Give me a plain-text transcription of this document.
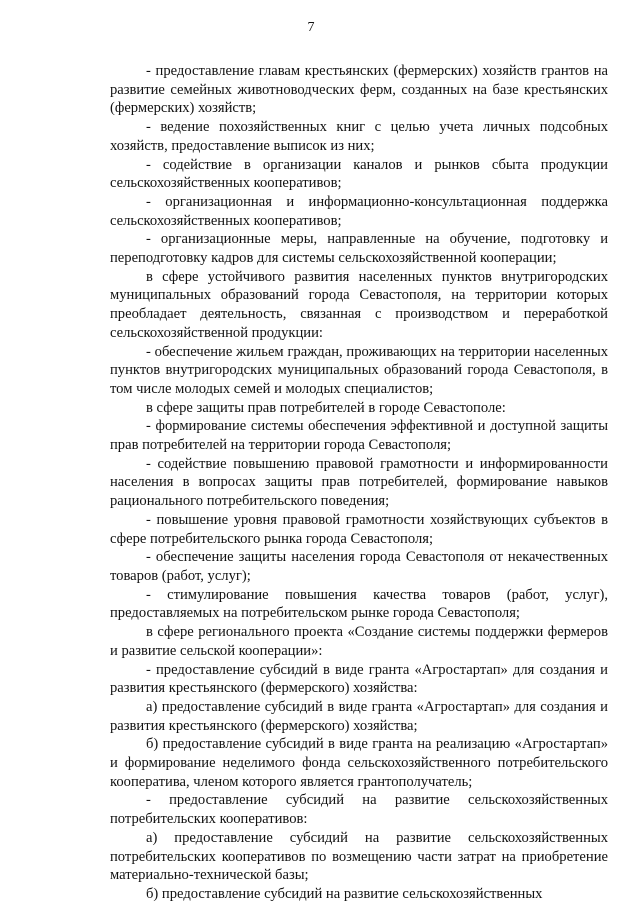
7

- предоставление главам крестьянских (фермерских) хозяйств грантов на развитие семейных животноводческих ферм, созданных на базе крестьянских (фермерских) хозяйств;

- ведение похозяйственных книг с целью учета личных подсобных хозяйств, предоставление выписок из них;

- содействие в организации каналов и рынков сбыта продукции сельскохозяйственных кооперативов;

- организационная и информационно-консультационная поддержка сельскохозяйственных кооперативов;

- организационные меры, направленные на обучение, подготовку и переподготовку кадров для системы сельскохозяйственной кооперации;

в сфере устойчивого развития населенных пунктов внутригородских муниципальных образований города Севастополя, на территории которых преобладает деятельность, связанная с производством и переработкой сельскохозяйственной продукции:

- обеспечение жильем граждан, проживающих на территории населенных пунктов внутригородских муниципальных образований города Севастополя, в том числе молодых семей и молодых специалистов;

в сфере защиты прав потребителей в городе Севастополе:

- формирование системы обеспечения эффективной и доступной защиты прав потребителей на территории города Севастополя;

- содействие повышению правовой грамотности и информированности населения в вопросах защиты прав потребителей, формирование навыков рационального потребительского поведения;

- повышение уровня правовой грамотности хозяйствующих субъектов в сфере потребительского рынка города Севастополя;

- обеспечение защиты населения города Севастополя от некачественных товаров (работ, услуг);

- стимулирование повышения качества товаров (работ, услуг), предоставляемых на потребительском рынке города Севастополя;

в сфере регионального проекта «Создание системы поддержки фермеров и развитие сельской кооперации»:

- предоставление субсидий в виде гранта «Агростартап» для создания и развития крестьянского (фермерского) хозяйства:

а) предоставление субсидий в виде гранта «Агростартап» для создания и развития крестьянского (фермерского) хозяйства;

б) предоставление субсидий в виде гранта на реализацию «Агростартап» и формирование неделимого фонда сельскохозяйственного потребительского кооператива, членом которого является грантополучатель;

- предоставление субсидий на развитие сельскохозяйственных потребительских кооперативов:

а) предоставление субсидий на развитие сельскохозяйственных потребительских кооперативов по возмещению части затрат на приобретение материально-технической базы;

б) предоставление субсидий на развитие сельскохозяйственных
